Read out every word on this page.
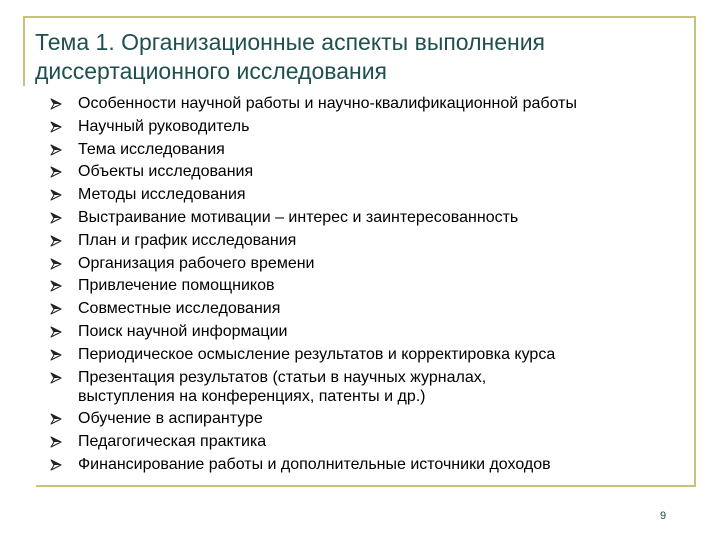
Тема 1. Организационные аспекты выполнения
диссертационного исследования
Особенности научной работы и научно-квалификационной работы
Научный руководитель
Тема исследования
Объекты исследования
Методы исследования
Выстраивание мотивации – интерес и заинтересованность
План и график исследования
Организация рабочего времени
Привлечение помощников
Совместные исследования
Поиск научной информации
Периодическое осмысление результатов и корректировка курса
Презентация результатов (статьи в научных журналах,
выступления на конференциях, патенты и др.)
Обучение в аспирантуре
Педагогическая практика
Финансирование работы и дополнительные источники доходов
9
